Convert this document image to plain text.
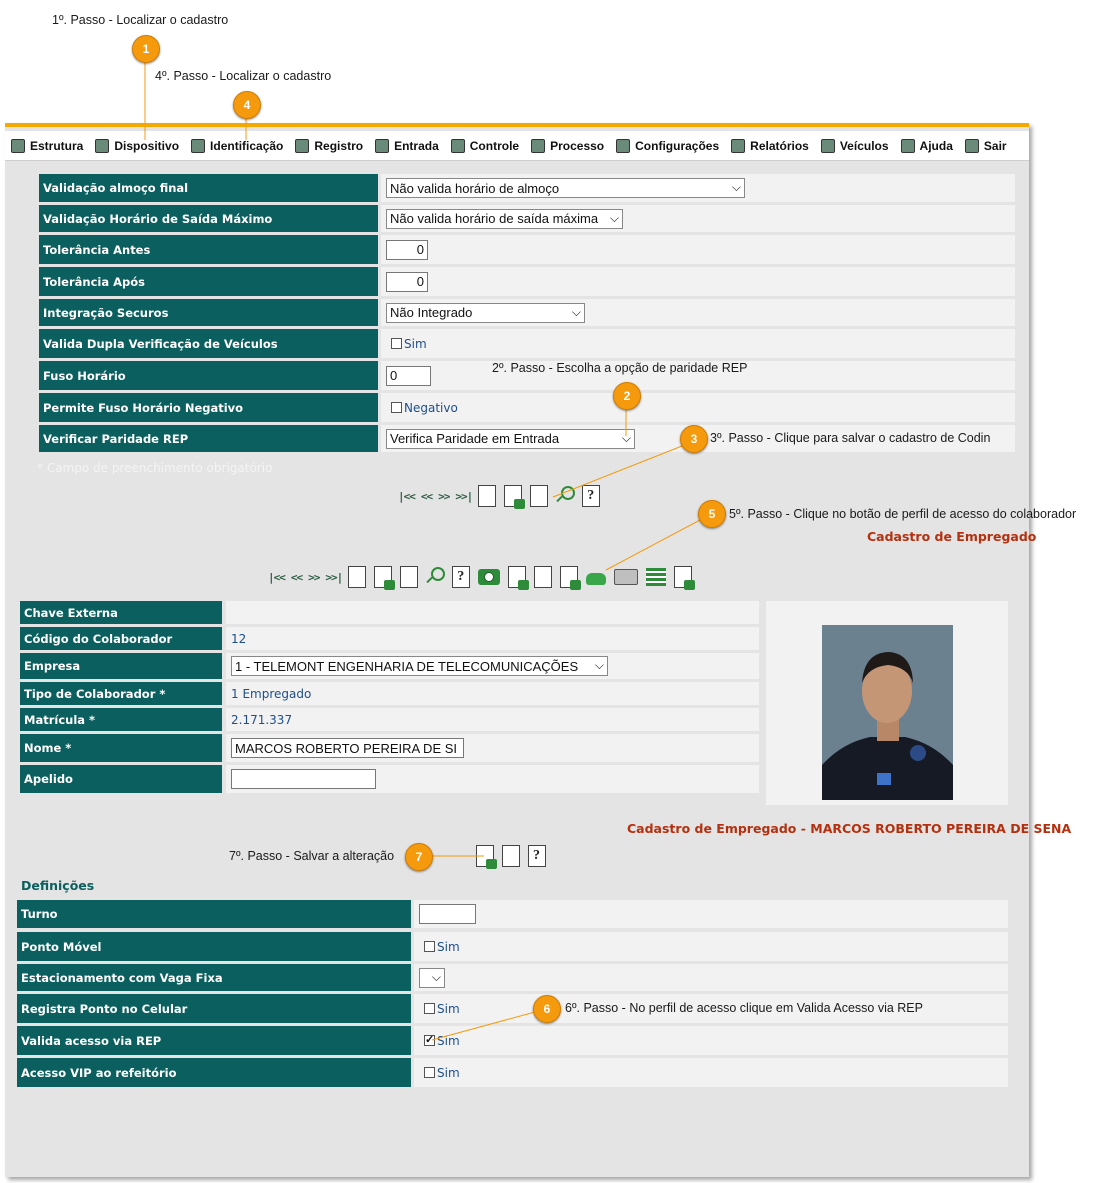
1º. Passo - Localizar o cadastro
1
4º. Passo - Localizar o cadastro
4
Estrutura	Dispositivo	Identificação	Registro	Entrada	Controle	Processo	Configurações	Relatórios	Veículos	Ajuda	Sair
Validação almoço final	Não valida horário de almoço	⌵
Validação Horário de Saída Máximo	Não valida horário de saída máxima ⌵
Tolerância Antes	0
Tolerância Após	0
Integração Securos	Não Integrado	⌵
Valida Dupla Verificação de Veículos	Sim
Fuso Horário	0
Permite Fuso Horário Negativo	Negativo
Verificar Paridade REP	Verifica Paridade em Entrada	⌵
* Campo de preenchimento obrigatório
|<< << >> >>|
?
Cadastro de Empregado
|<< << >> >>|
?
Chave Externa
Código do Colaborador	12
Empresa	1 - TELEMONT ENGENHARIA DE TELECOMUNICAÇÕES ⌵
Tipo de Colaborador *	1 Empregado
Matrícula *	2.171.337
Nome *	MARCOS ROBERTO PEREIRA DE SI
Apelido
Cadastro de Empregado - MARCOS ROBERTO PEREIRA DE SENA
7º. Passo - Salvar a alteração	7
?
Definições
Turno
Ponto Móvel	Sim
Estacionamento com Vaga Fixa	⌵
Registra Ponto no Celular	Sim
Valida acesso via REP	✓ Sim
Acesso VIP ao refeitório	Sim
2º. Passo - Escolha a opção de paridade REP
2
3	3º. Passo - Clique para salvar o cadastro de Codin
5	5º. Passo - Clique no botão de perfil de acesso do colaborador
6	6º. Passo - No perfil de acesso clique em Valida Acesso via REP
